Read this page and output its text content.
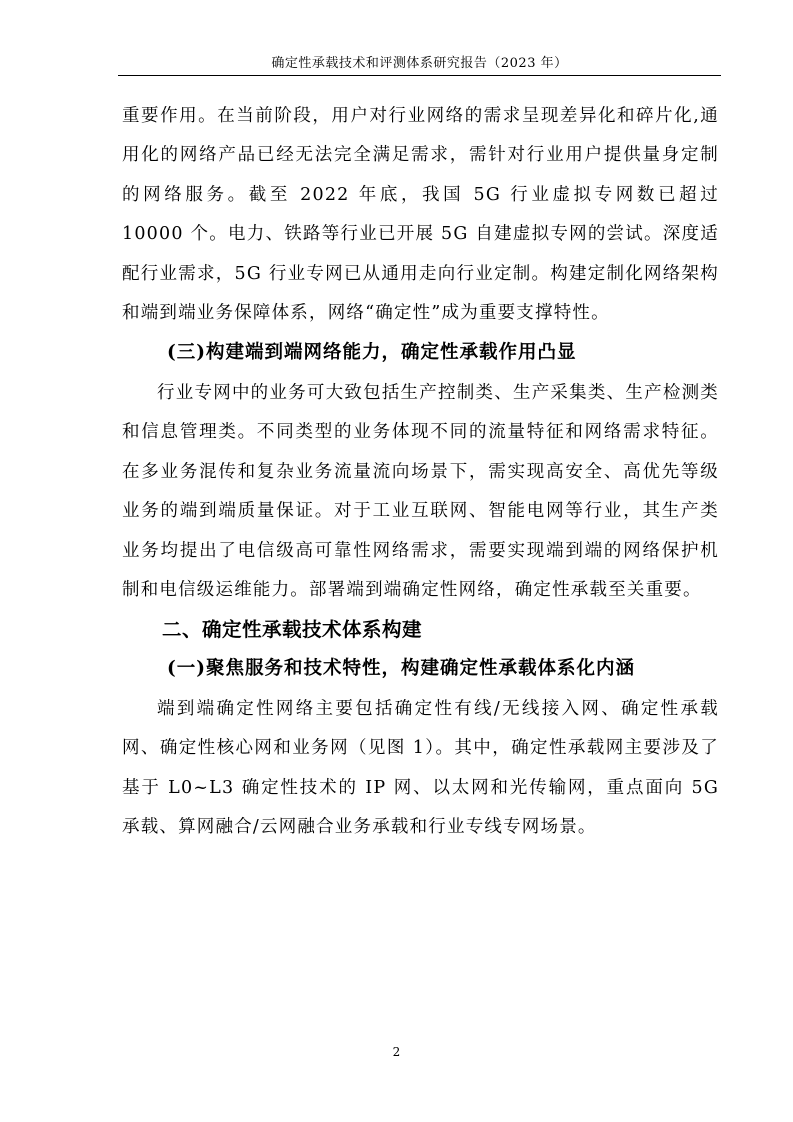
确定性承载技术和评测体系研究报告（2023 年）

重要作用。在当前阶段，用户对行业网络的需求呈现差异化和碎片化,通用化的网络产品已经无法完全满足需求，需针对行业用户提供量身定制的网络服务。截至 2022 年底，我国 5G 行业虚拟专网数已超过 10000 个。电力、铁路等行业已开展 5G 自建虚拟专网的尝试。深度适配行业需求，5G 行业专网已从通用走向行业定制。构建定制化网络架构和端到端业务保障体系，网络“确定性”成为重要支撑特性。

(三)构建端到端网络能力，确定性承载作用凸显

行业专网中的业务可大致包括生产控制类、生产采集类、生产检测类和信息管理类。不同类型的业务体现不同的流量特征和网络需求特征。在多业务混传和复杂业务流量流向场景下，需实现高安全、高优先等级业务的端到端质量保证。对于工业互联网、智能电网等行业，其生产类业务均提出了电信级高可靠性网络需求，需要实现端到端的网络保护机制和电信级运维能力。部署端到端确定性网络，确定性承载至关重要。

二、确定性承载技术体系构建
(一)聚焦服务和技术特性，构建确定性承载体系化内涵

端到端确定性网络主要包括确定性有线/无线接入网、确定性承载网、确定性核心网和业务网（见图 1）。其中，确定性承载网主要涉及了基于 L0~L3 确定性技术的 IP 网、以太网和光传输网，重点面向 5G 承载、算网融合/云网融合业务承载和行业专线专网场景。

2
